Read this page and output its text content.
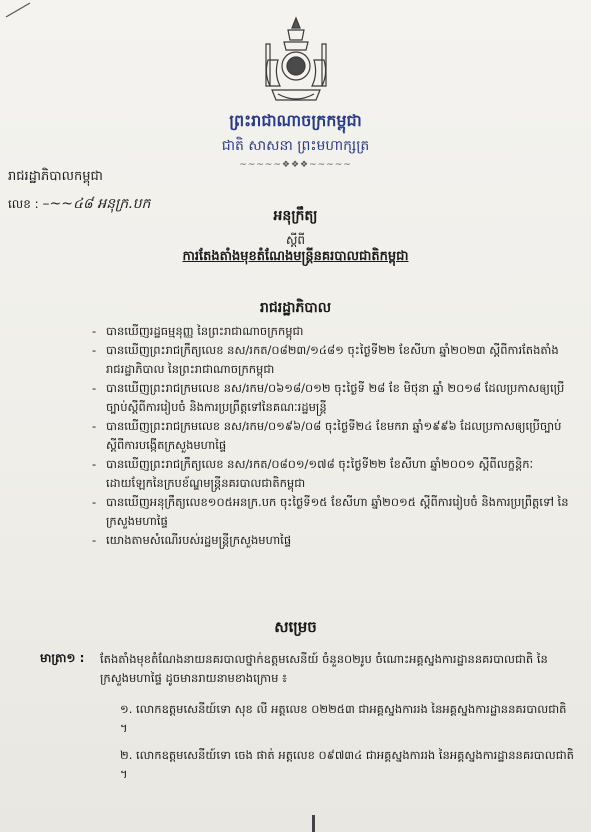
ព្រះរាជាណាចក្រកម្ពុជា
ជាតិ សាសនា ព្រះមហាក្សត្រ
~~~~~❖❖❖~~~~~
រាជរដ្ឋាភិបាលកម្ពុជា
លេខ : –~~៤៨ អនុក្រ.បក
អនុក្រឹត្យ
ស្ដីពី
ការតែងតាំងមុខតំណែងមន្ត្រីនគរបាលជាតិកម្ពុជា
រាជរដ្ឋាភិបាល
- បានឃើញរដ្ឋធម្មនុញ្ញ នៃព្រះរាជាណាចក្រកម្ពុជា
- បានឃើញព្រះរាជក្រឹត្យលេខ នស/រកត/០៨២៣/១៤៨១ ចុះថ្ងៃទី២២ ខែសីហា ឆ្នាំ២០២៣ ស្ដីពីការតែងតាំងរាជរដ្ឋាភិបាល នៃព្រះរាជាណាចក្រកម្ពុជា
- បានឃើញព្រះរាជក្រមលេខ នស/រកម/០៦១៨/០១២ ចុះថ្ងៃទី ២៨ ខែ មិថុនា ឆ្នាំ ២០១៨ ដែលប្រកាសឲ្យប្រើច្បាប់ស្ដីពីការរៀបចំ និងការប្រព្រឹត្តទៅនៃគណៈរដ្ឋមន្ត្រី
- បានឃើញព្រះរាជក្រមលេខ នស/រកម/០១៩៦/០៨ ចុះថ្ងៃទី២៤ ខែមករា ឆ្នាំ១៩៩៦ ដែលប្រកាសឲ្យប្រើច្បាប់ស្ដីពីការបង្កើតក្រសួងមហាផ្ទៃ
- បានឃើញព្រះរាជក្រឹត្យលេខ នស/រកត/០៨០១/១៧៨ ចុះថ្ងៃទី២២ ខែសីហា ឆ្នាំ២០០១ ស្ដីពីលក្ខន្តិកៈដោយឡែកនៃក្របខ័ណ្ឌមន្ត្រីនគរបាលជាតិកម្ពុជា
- បានឃើញអនុក្រឹត្យលេខ១០៥អនក្រ.បក ចុះថ្ងៃទី១៥ ខែសីហា ឆ្នាំ២០១៥ ស្ដីពីការរៀបចំ និងការប្រព្រឹត្តទៅ នៃក្រសួងមហាផ្ទៃ
- យោងតាមសំណើរបស់រដ្ឋមន្ត្រីក្រសួងមហាផ្ទៃ
សម្រេច
មាត្រា១ : តែងតាំងមុខតំណែងនាយនគរបាលថ្នាក់ឧត្តមសេនីយ៍ ចំនួន០២រូប ចំណោះអគ្គស្នងការដ្ឋាននគរបាលជាតិ នៃក្រសួងមហាផ្ទៃ ដូចមានរាយនាមខាងក្រោម ៖
១. លោកឧត្តមសេនីយ៍ទោ សុខ លី អត្តលេខ ០២២៥៣ ជាអគ្គស្នងការរង នៃអគ្គស្នងការដ្ឋាននគរបាលជាតិ ។
២. លោកឧត្តមសេនីយ៍ទោ ចេង ផាត់ អត្តលេខ ០៩៧៣៤ ជាអគ្គស្នងការរង នៃអគ្គស្នងការដ្ឋាននគរបាលជាតិ ។
